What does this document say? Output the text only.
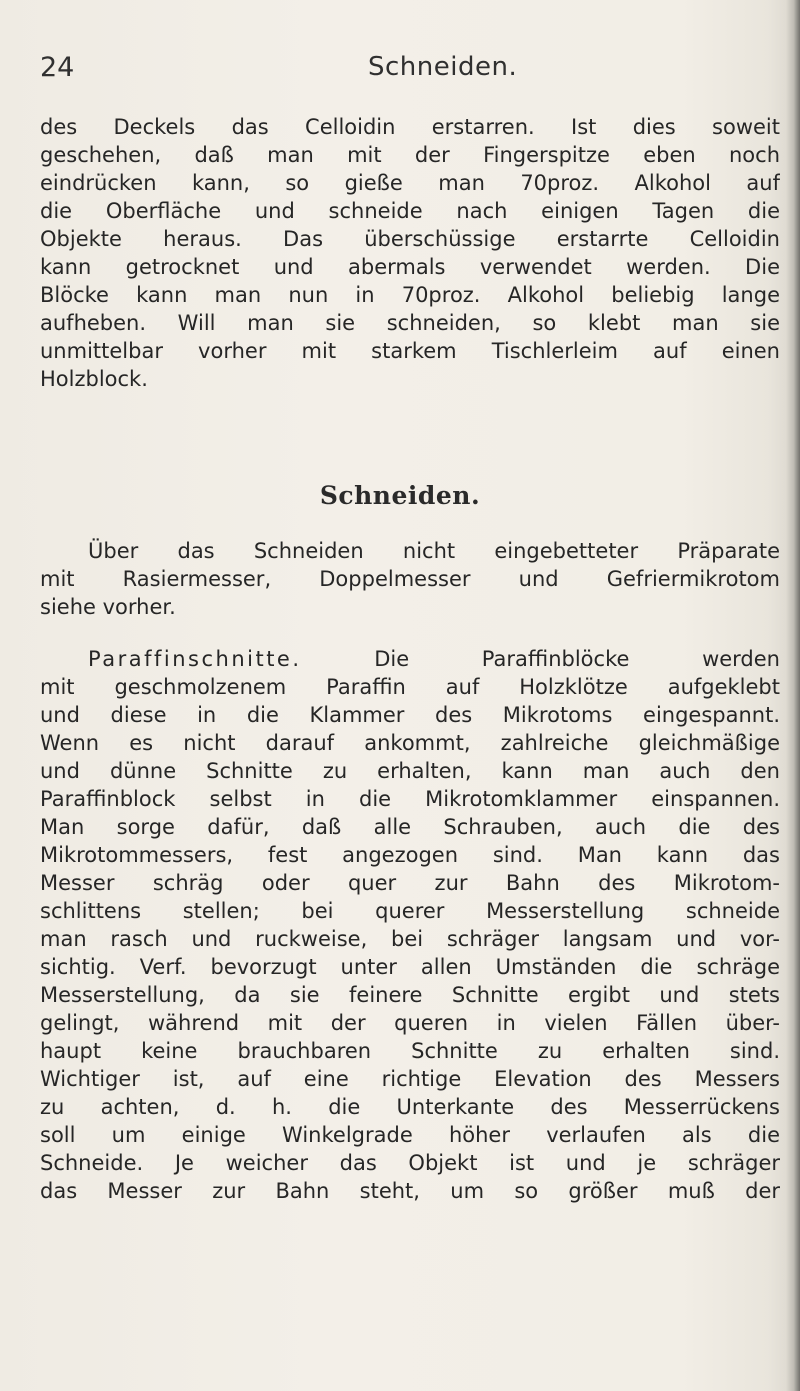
24	Schneiden.
des Deckels das Celloidin erstarren. Ist dies soweit
geschehen, daß man mit der Fingerspitze eben noch
eindrücken kann, so gieße man 70proz. Alkohol auf
die Oberfläche und schneide nach einigen Tagen die
Objekte heraus. Das überschüssige erstarrte Celloidin
kann getrocknet und abermals verwendet werden. Die
Blöcke kann man nun in 70proz. Alkohol beliebig lange
aufheben. Will man sie schneiden, so klebt man sie
unmittelbar vorher mit starkem Tischlerleim auf einen
Holzblock.
Schneiden.
Über das Schneiden nicht eingebetteter Präparate
mit Rasiermesser, Doppelmesser und Gefriermikrotom
siehe vorher.
Paraffinschnitte. Die Paraffinblöcke werden
mit geschmolzenem Paraffin auf Holzklötze aufgeklebt
und diese in die Klammer des Mikrotoms eingespannt.
Wenn es nicht darauf ankommt, zahlreiche gleichmäßige
und dünne Schnitte zu erhalten, kann man auch den
Paraffinblock selbst in die Mikrotomklammer einspannen.
Man sorge dafür, daß alle Schrauben, auch die des
Mikrotommessers, fest angezogen sind. Man kann das
Messer schräg oder quer zur Bahn des Mikrotom-
schlittens stellen; bei querer Messerstellung schneide
man rasch und ruckweise, bei schräger langsam und vor-
sichtig. Verf. bevorzugt unter allen Umständen die schräge
Messerstellung, da sie feinere Schnitte ergibt und stets
gelingt, während mit der queren in vielen Fällen über-
haupt keine brauchbaren Schnitte zu erhalten sind.
Wichtiger ist, auf eine richtige Elevation des Messers
zu achten, d. h. die Unterkante des Messerrückens
soll um einige Winkelgrade höher verlaufen als die
Schneide. Je weicher das Objekt ist und je schräger
das Messer zur Bahn steht, um so größer muß der
